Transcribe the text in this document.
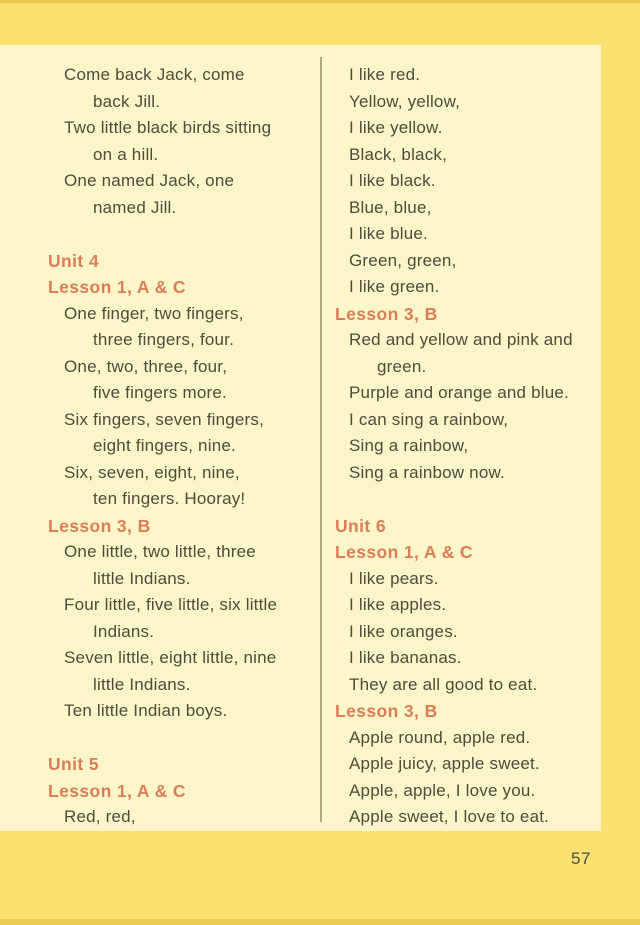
Come back Jack, come
back Jill.
Two little black birds sitting
on a hill.
One named Jack, one
named Jill.
Unit 4
Lesson 1, A & C
One finger, two fingers,
three fingers, four.
One, two, three, four,
five fingers more.
Six fingers, seven fingers,
eight fingers, nine.
Six, seven, eight, nine,
ten fingers. Hooray!
Lesson 3, B
One little, two little, three
little Indians.
Four little, five little, six little
Indians.
Seven little, eight little, nine
little Indians.
Ten little Indian boys.
Unit 5
Lesson 1, A & C
Red, red,
I like red.
Yellow, yellow,
I like yellow.
Black, black,
I like black.
Blue, blue,
I like blue.
Green, green,
I like green.
Lesson 3, B
Red and yellow and pink and
green.
Purple and orange and blue.
I can sing a rainbow,
Sing a rainbow,
Sing a rainbow now.
Unit 6
Lesson 1, A & C
I like pears.
I like apples.
I like oranges.
I like bananas.
They are all good to eat.
Lesson 3, B
Apple round, apple red.
Apple juicy, apple sweet.
Apple, apple, I love you.
Apple sweet, I love to eat.
57
